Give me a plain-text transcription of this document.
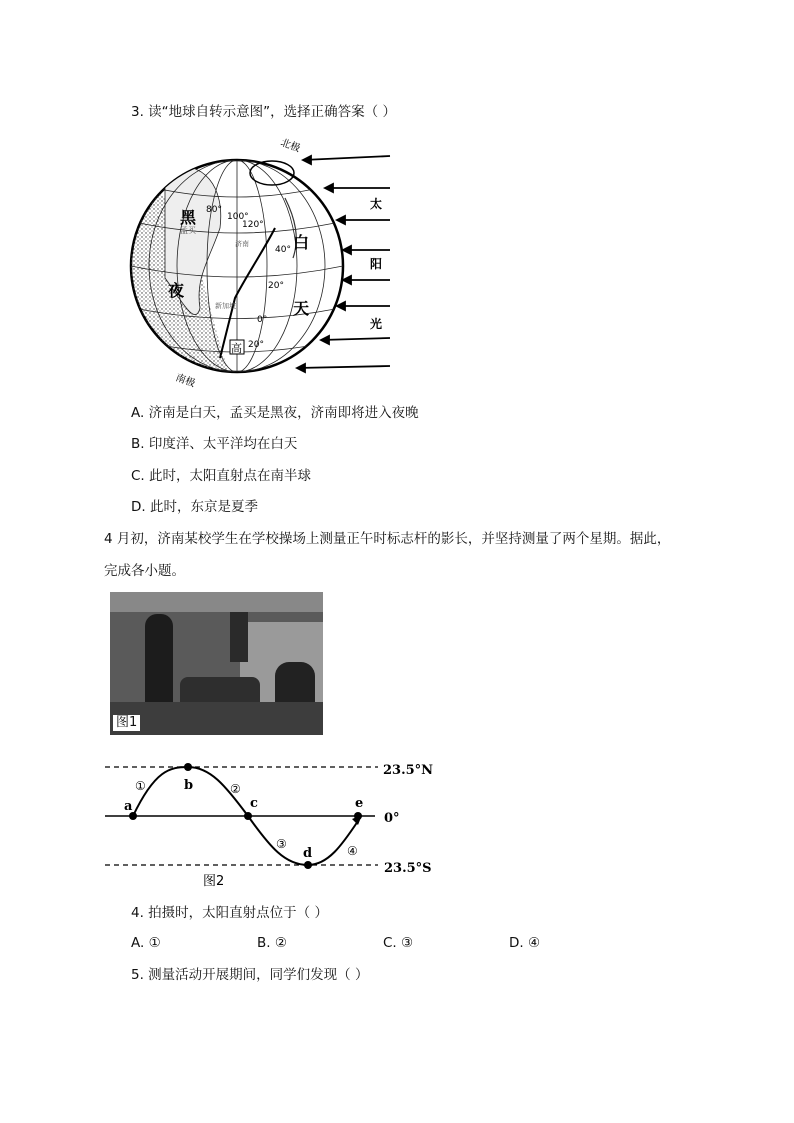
3. 读“地球自转示意图”，选择正确答案（ ）
北极
南极
黑
夜
白
天
80°
100°
120°
40°
20°
0°
20°
孟买
济南
新加坡
高
太
阳
光
A. 济南是白天，孟买是黑夜，济南即将进入夜晚
B. 印度洋、太平洋均在白天
C. 此时，太阳直射点在南半球
D. 此时，东京是夏季
4 月初，济南某校学生在学校操场上测量正午时标志杆的影长，并坚持测量了两个星期。据此，
完成各小题。
图1
a
b
c
d
e
①	②
③	④
23.5°N
0°
23.5°S
图2
4. 拍摄时，太阳直射点位于（ ）
A. ①	B. ②	C. ③	D. ④
5. 测量活动开展期间，同学们发现（ ）
